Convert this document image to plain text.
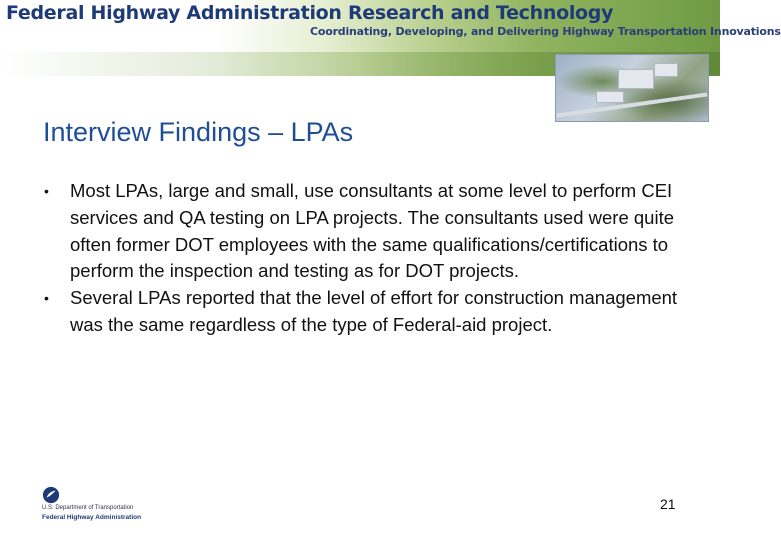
Federal Highway Administration Research and Technology
Coordinating, Developing, and Delivering Highway Transportation Innovations
Interview Findings – LPAs
• Most LPAs, large and small, use consultants at some level to perform CEI services and QA testing on LPA projects. The consultants used were quite often former DOT employees with the same qualifications/certifications to perform the inspection and testing as for DOT projects.
• Several LPAs reported that the level of effort for construction management was the same regardless of the type of Federal-aid project.
U.S. Department of Transportation
Federal Highway Administration
21
